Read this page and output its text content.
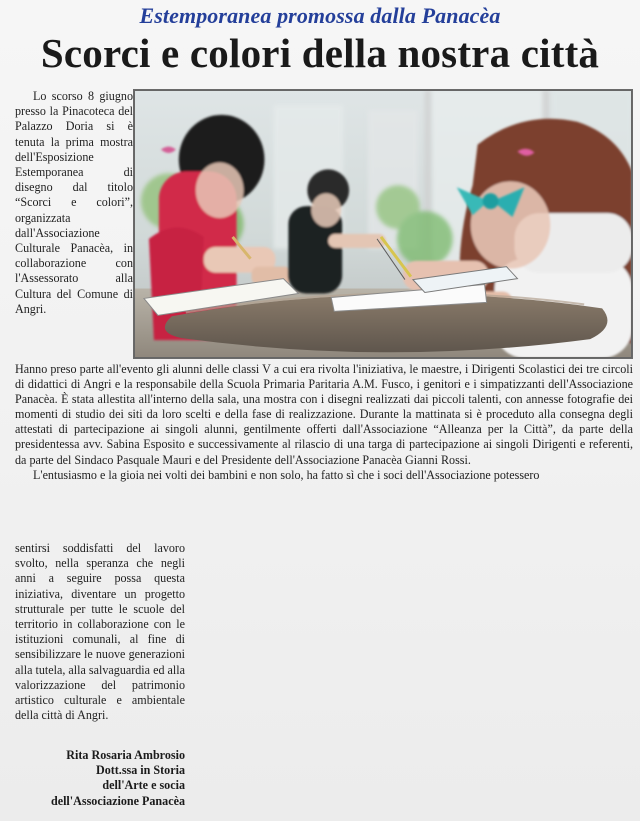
Estemporanea promossa dalla Panacèa
Scorci e colori della nostra città

Lo scorso 8 giugno presso la Pinacoteca del Palazzo Doria si è tenuta la prima mostra dell'Esposizione Estemporanea di disegno dal titolo “Scorci e colori”, organizzata dall'Associazione Culturale Panacèa, in collaborazione con l'Assessorato alla Cultura del Comune di Angri.

Hanno preso parte all'evento gli alunni delle classi V a cui era rivolta l'iniziativa, le maestre, i Dirigenti Scolastici dei tre circoli di didattici di Angri e la responsabile della Scuola Primaria Paritaria A.M. Fusco, i genitori e i simpatizzanti dell'Associazione Panacèa. È stata allestita all'interno della sala, una mostra con i disegni realizzati dai piccoli talenti, con annesse fotografie dei momenti di studio dei siti da loro scelti e della fase di realizzazione. Durante la mattinata si è proceduto alla consegna degli attestati di partecipazione ai singoli alunni, gentilmente offerti dall'Associazione “Alleanza per la Città”, da parte della presidentessa avv. Sabina Esposito e successivamente al rilascio di una targa di partecipazione ai singoli Dirigenti e referenti, da parte del Sindaco Pasquale Mauri e del Presidente dell'Associazione Panacèa Gianni Rossi.

L'entusiasmo e la gioia nei volti dei bambini e non solo, ha fatto sì che i soci dell'Associazione potessero

sentirsi soddisfatti del lavoro svolto, nella speranza che negli anni a seguire possa questa iniziativa, diventare un progetto strutturale per tutte le scuole del territorio in collaborazione con le istituzioni comunali, al fine di sensibilizzare le nuove generazioni alla tutela, alla salvaguardia ed alla valorizzazione del patrimonio artistico culturale e ambientale della città di Angri.

Rita Rosaria Ambrosio
Dott.ssa in Storia
dell'Arte e socia
dell'Associazione Panacèa
